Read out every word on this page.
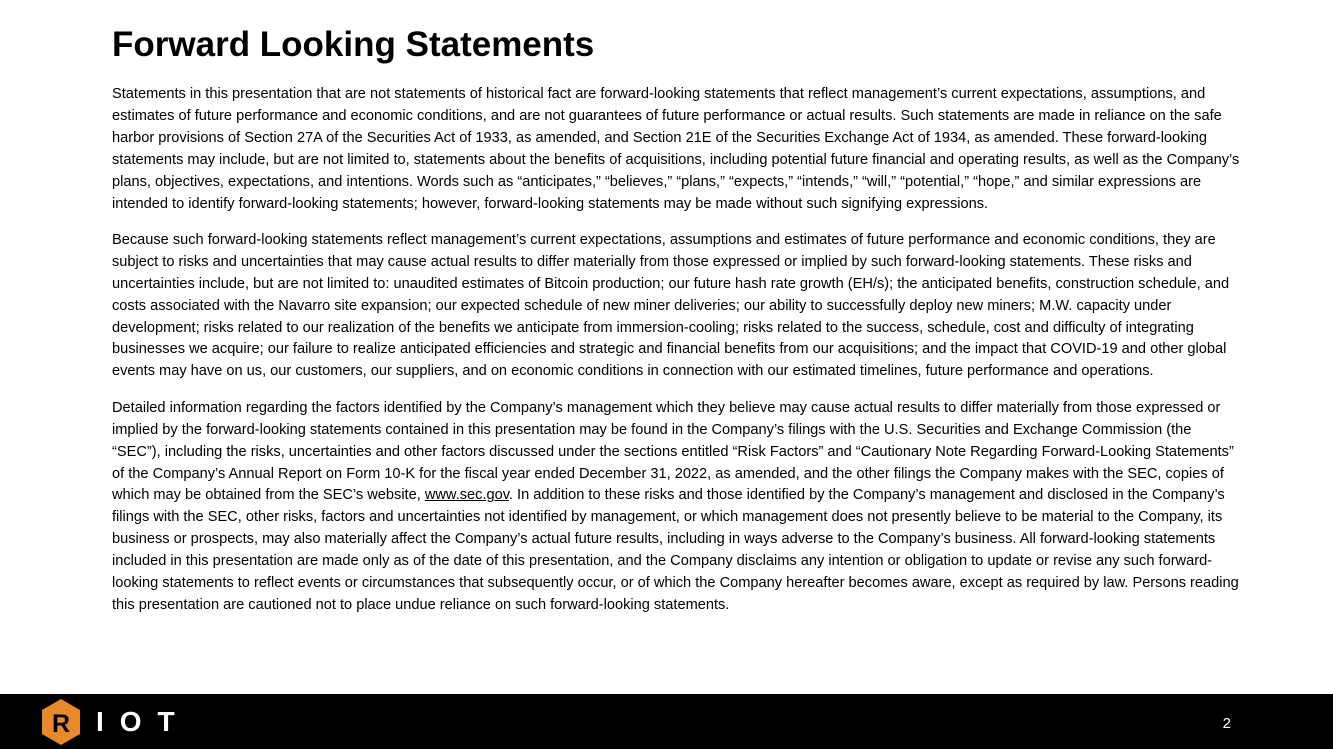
Forward Looking Statements

Statements in this presentation that are not statements of historical fact are forward-looking statements that reflect management’s current expectations, assumptions, and estimates of future performance and economic conditions, and are not guarantees of future performance or actual results. Such statements are made in reliance on the safe harbor provisions of Section 27A of the Securities Act of 1933, as amended, and Section 21E of the Securities Exchange Act of 1934, as amended. These forward-looking statements may include, but are not limited to, statements about the benefits of acquisitions, including potential future financial and operating results, as well as the Company’s plans, objectives, expectations, and intentions. Words such as “anticipates,” “believes,” “plans,” “expects,” “intends,” “will,” “potential,” “hope,” and similar expressions are intended to identify forward-looking statements; however, forward-looking statements may be made without such signifying expressions.

Because such forward-looking statements reflect management’s current expectations, assumptions and estimates of future performance and economic conditions, they are subject to risks and uncertainties that may cause actual results to differ materially from those expressed or implied by such forward-looking statements. These risks and uncertainties include, but are not limited to: unaudited estimates of Bitcoin production; our future hash rate growth (EH/s); the anticipated benefits, construction schedule, and costs associated with the Navarro site expansion; our expected schedule of new miner deliveries; our ability to successfully deploy new miners; M.W. capacity under development; risks related to our realization of the benefits we anticipate from immersion-cooling; risks related to the success, schedule, cost and difficulty of integrating businesses we acquire; our failure to realize anticipated efficiencies and strategic and financial benefits from our acquisitions; and the impact that COVID-19 and other global events may have on us, our customers, our suppliers, and on economic conditions in connection with our estimated timelines, future performance and operations.

Detailed information regarding the factors identified by the Company’s management which they believe may cause actual results to differ materially from those expressed or implied by the forward-looking statements contained in this presentation may be found in the Company’s filings with the U.S. Securities and Exchange Commission (the “SEC”), including the risks, uncertainties and other factors discussed under the sections entitled “Risk Factors” and “Cautionary Note Regarding Forward-Looking Statements” of the Company’s Annual Report on Form 10-K for the fiscal year ended December 31, 2022, as amended, and the other filings the Company makes with the SEC, copies of which may be obtained from the SEC’s website, www.sec.gov. In addition to these risks and those identified by the Company’s management and disclosed in the Company’s filings with the SEC, other risks, factors and uncertainties not identified by management, or which management does not presently believe to be material to the Company, its business or prospects, may also materially affect the Company’s actual future results, including in ways adverse to the Company’s business. All forward-looking statements included in this presentation are made only as of the date of this presentation, and the Company disclaims any intention or obligation to update or revise any such forward-looking statements to reflect events or circumstances that subsequently occur, or of which the Company hereafter becomes aware, except as required by law. Persons reading this presentation are cautioned not to place undue reliance on such forward-looking statements.

R IOT	2
